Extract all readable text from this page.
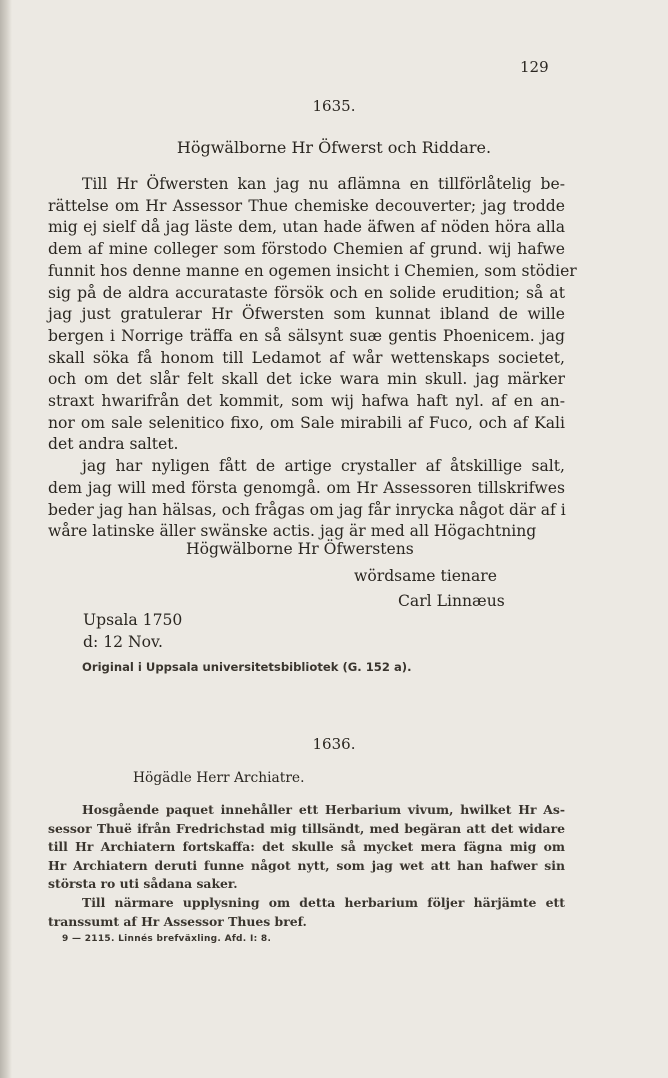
129
1635.
Högwälborne Hr Öfwerst och Riddare.
Till Hr Öfwersten kan jag nu aflämna en tillförlåtelig be-
rättelse om Hr Assessor Thue chemiske decouverter; jag trodde
mig ej sielf då jag läste dem, utan hade äfwen af nöden höra alla
dem af mine colleger som förstodo Chemien af grund. wij hafwe
funnit hos denne manne en ogemen insicht i Chemien, som stödier
sig på de aldra accuratаste försök och en solide erudition; så at
jag just gratulerar Hr Öfwersten som kunnat ibland de wille
bergen i Norrige träffa en så sälsynt suæ gentis Phoenicem. jag
skall söka få honom till Ledamot af wår wettenskaps societet,
och om det slår felt skall det icke wara min skull. jag märker
straxt hwarifrån det kommit, som wij hafwa haft nyl. af en an-
nor om sale selenitico fixo, om Sale mirabili af Fuco, och af Kali
det andra saltet.
jag har nyligen fått de artige crystaller af åtskillige salt,
dem jag will med första genomgå. om Hr Assessoren tillskrifwes
beder jag han hälsas, och frågas om jag får inrycka något där af i
wåre latinske äller swänske actis. jag är med all Högachtning
Högwälborne Hr Öfwerstens
wördsame tienare
Carl Linnæus
Upsala 1750
d: 12 Nov.
Original i Uppsala universitetsbibliotek (G. 152 a).
1636.
Högädle Herr Archiatre.
Hosgående paquet innehåller ett Herbarium vivum, hwilket Hr As-
sessor Thuë ifrån Fredrichstad mig tillsändt, med begäran att det widare
till Hr Archiatern fortskaffa: det skulle så mycket mera fägna mig om
Hr Archiatern deruti funne något nytt, som jag wet att han hafwer sin
största ro uti sådana saker.
Till närmare upplysning om detta herbarium följer härjämte ett
transsumt af Hr Assessor Thues bref.
9 — 2115. Linnés brefväxling. Afd. I: 8.
